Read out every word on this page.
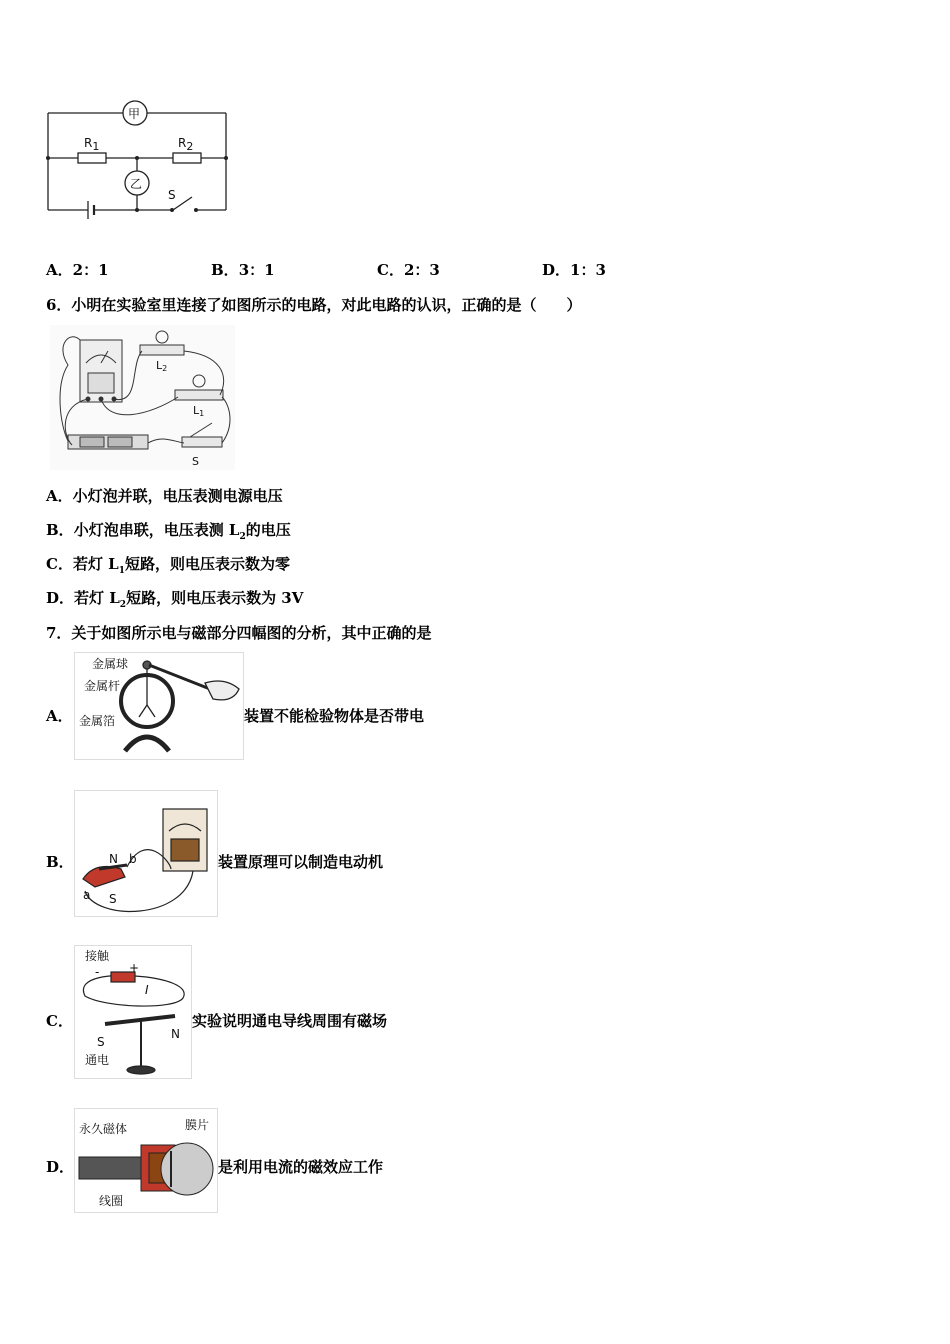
甲
乙
R1	R2
S
A．2：1	B．3：1	C．2：3	D．1：3
6．小明在实验室里连接了如图所示的电路，对此电路的认识，正确的是（　　）
L2
L1
S
A．小灯泡并联，电压表测电源电压
B．小灯泡串联，电压表测 $L_2$的电压
C．若灯 $L_1$短路，则电压表示数为零
D．若灯 $L_2$短路，则电压表示数为 3V
7．关于如图所示电与磁部分四幅图的分析，其中正确的是
A．
金属球
金属杆
金属箔	装置不能检验物体是否带电
B．	N b
a S
装置原理可以制造电动机
C．
接触
S
N
通电
+
-
I
实验说明通电导线周围有磁场
D．
永久磁体	膜片
线圈
是利用电流的磁效应工作
